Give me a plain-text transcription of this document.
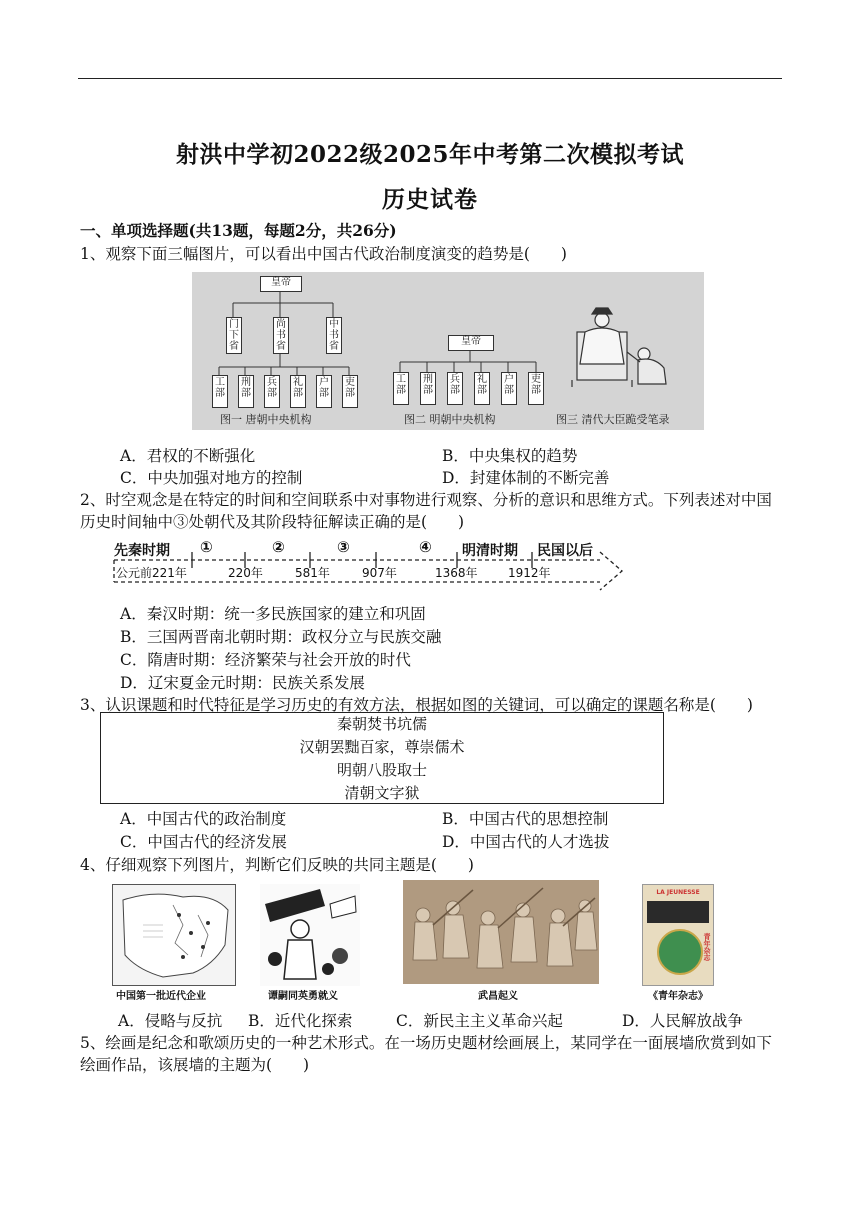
射洪中学初2022级2025年中考第二次模拟考试
历史试卷
一、单项选择题(共13题，每题2分，共26分)
1、观察下面三幅图片，可以看出中国古代政治制度演变的趋势是(　　)
皇帝
门下省
尚书省
中书省
工部
刑部
兵部
礼部
户部
吏部
皇帝
工部
刑部
兵部
礼部
户部
吏部
图一 唐朝中央机构	图二 明朝中央机构	图三 清代大臣跪受笔录
A．君权的不断强化	B．中央集权的趋势
C．中央加强对地方的控制	D．封建体制的不断完善
2、时空观念是在特定的时间和空间联系中对事物进行观察、分析的意识和思维方式。下列表述对中国历史时间轴中③处朝代及其阶段特征解读正确的是(　　)
先秦时期 ①	②	③	④ 明清时期 民国以后
公元前221年	220年	581年	907年	1368年	1912年
A．秦汉时期：统一多民族国家的建立和巩固
B．三国两晋南北朝时期：政权分立与民族交融
C．隋唐时期：经济繁荣与社会开放的时代
D．辽宋夏金元时期：民族关系发展
3、认识课题和时代特征是学习历史的有效方法，根据如图的关键词，可以确定的课题名称是(　　)
秦朝焚书坑儒
汉朝罢黜百家，尊崇儒术
明朝八股取士
清朝文字狱
A．中国古代的政治制度	B．中国古代的思想控制
C．中国古代的经济发展	D．中国古代的人才选拔
4、仔细观察下列图片，判断它们反映的共同主题是(　　)
中国第一批近代企业	谭嗣同英勇就义	武昌起义
LA JEUNESSE
青年杂志
《青年杂志》
A．侵略与反抗 B．近代化探索	C．新民主主义革命兴起	D．人民解放战争
5、绘画是纪念和歌颂历史的一种艺术形式。在一场历史题材绘画展上，某同学在一面展墙欣赏到如下绘画作品，该展墙的主题为(　　)
